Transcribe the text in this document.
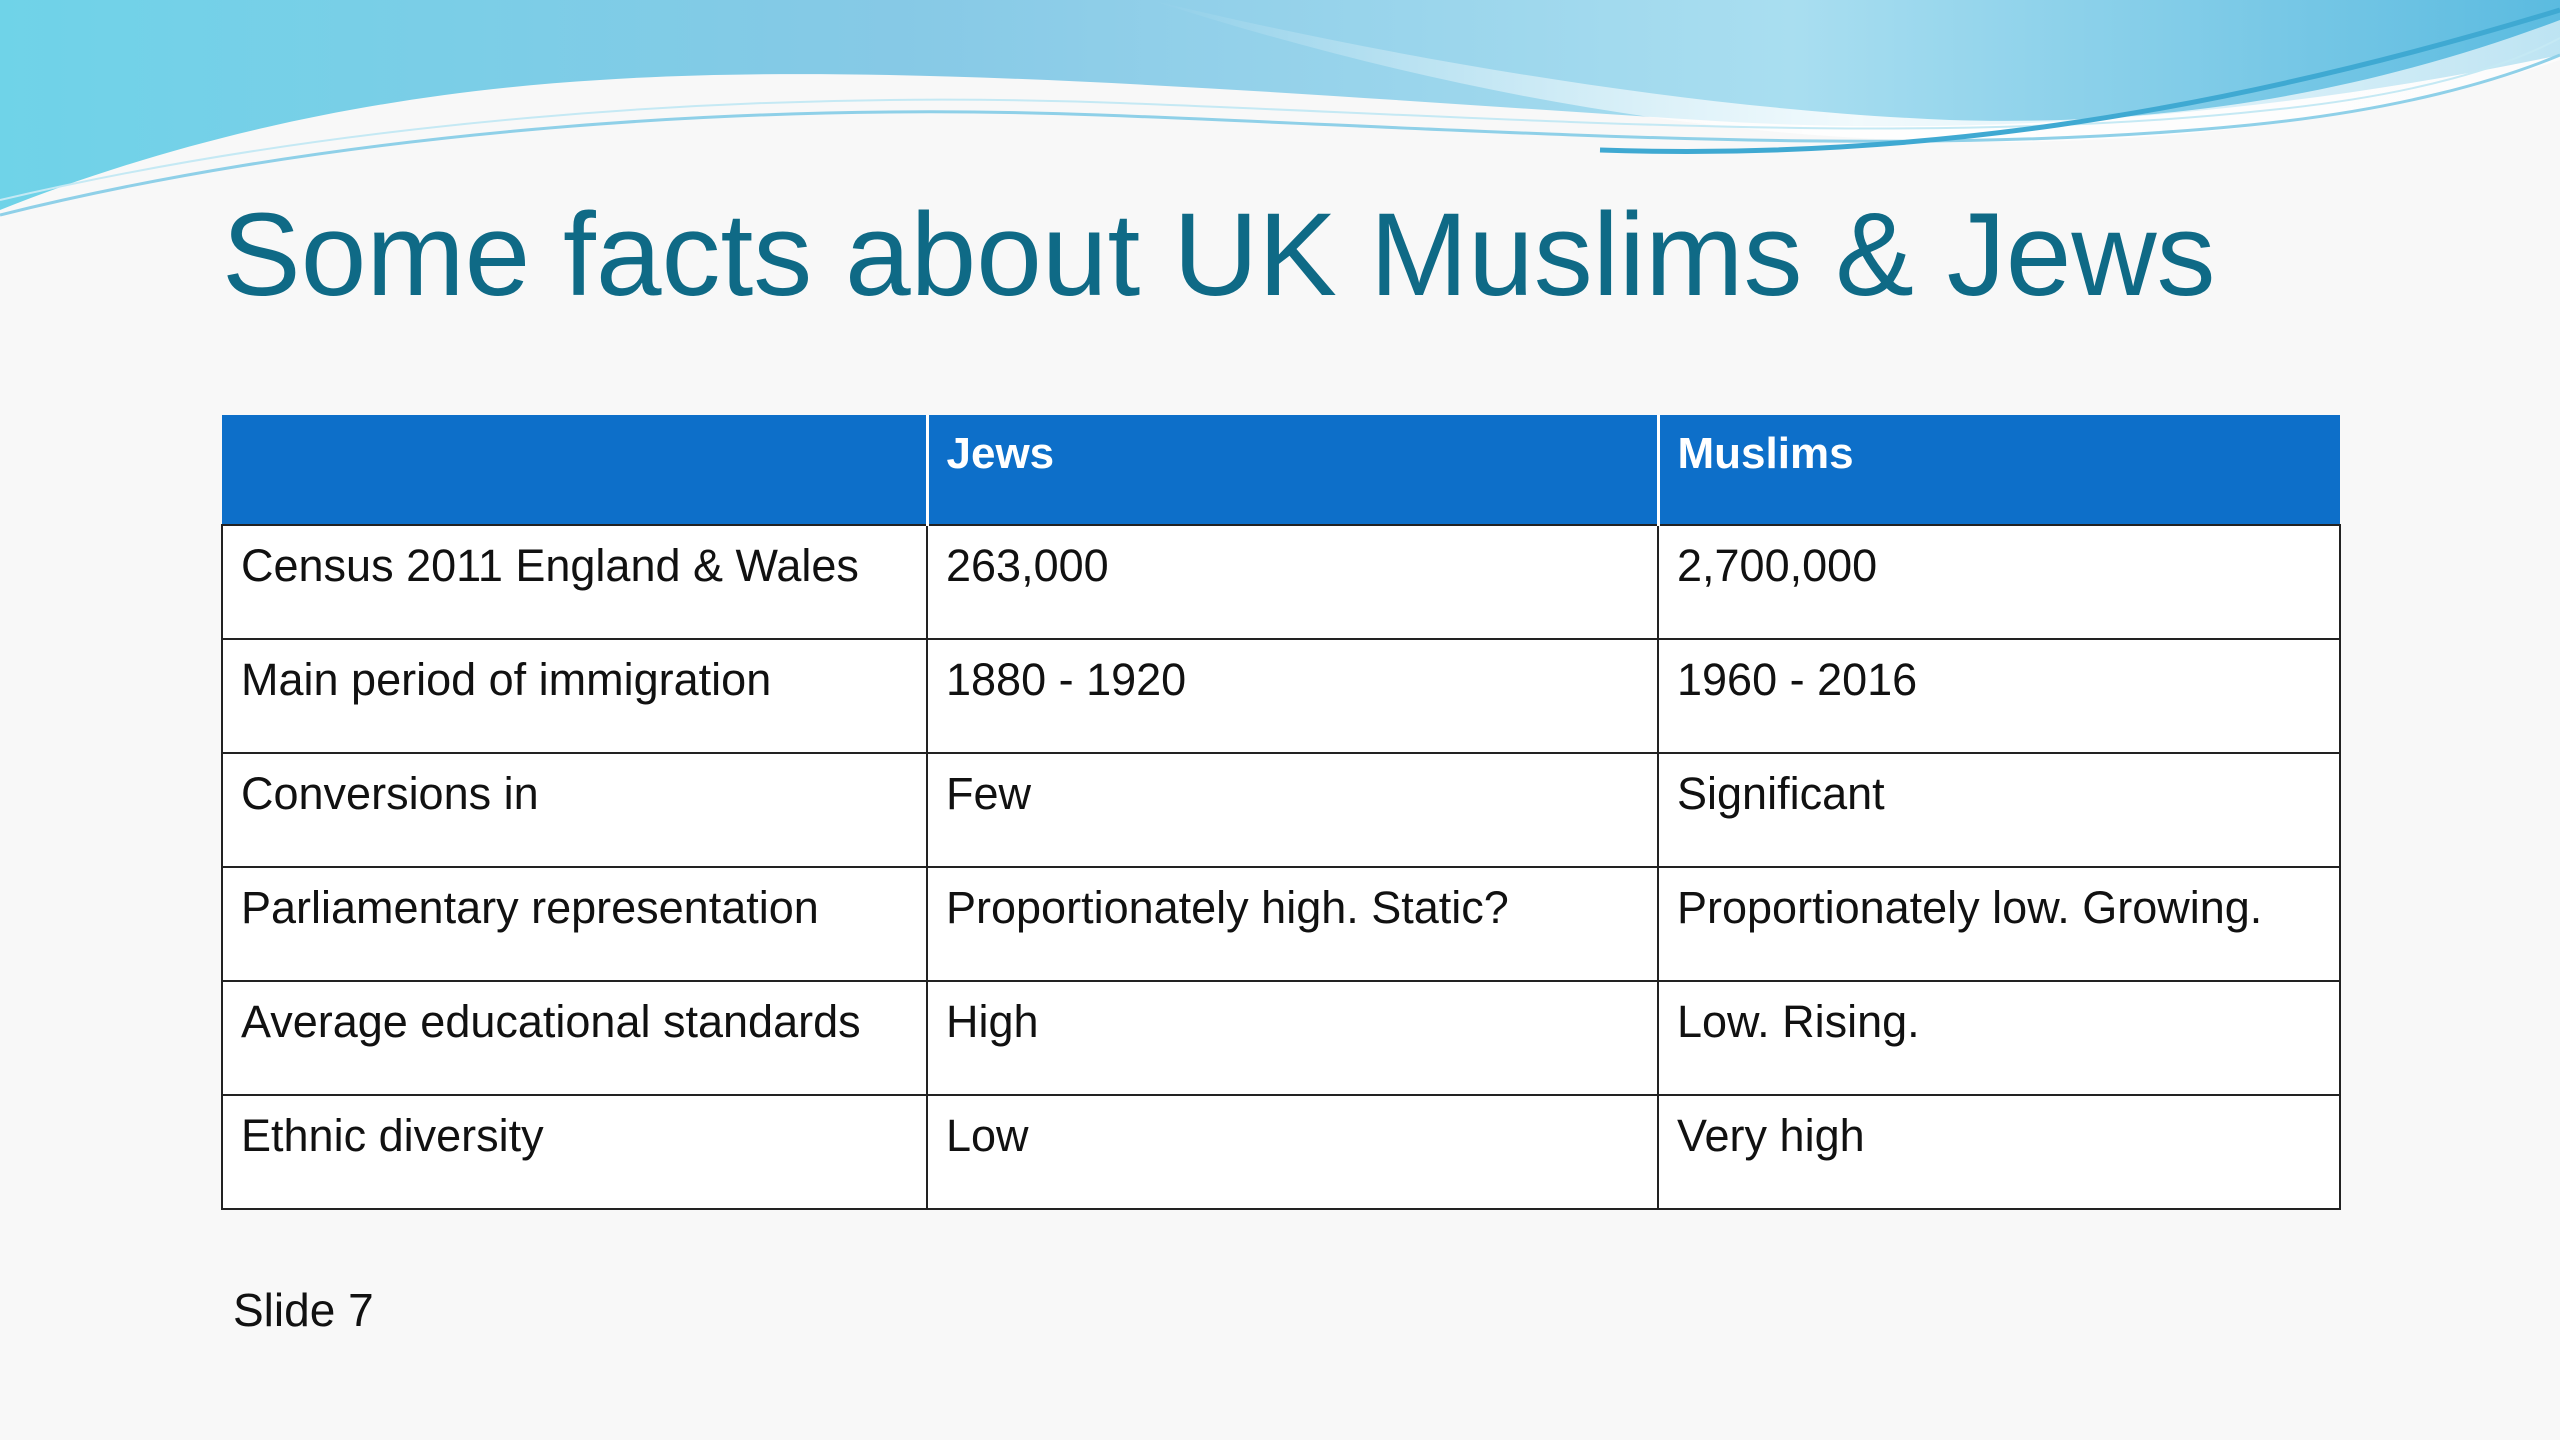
Some facts about UK Muslims & Jews
	Jews	Muslims
Census 2011 England & Wales	263,000	2,700,000
Main period of immigration	1880 - 1920	1960 - 2016
Conversions in	Few	Significant
Parliamentary representation	Proportionately high. Static?	Proportionately low. Growing.
Average educational standards	High	Low. Rising.
Ethnic diversity	Low	Very high
Slide 7
